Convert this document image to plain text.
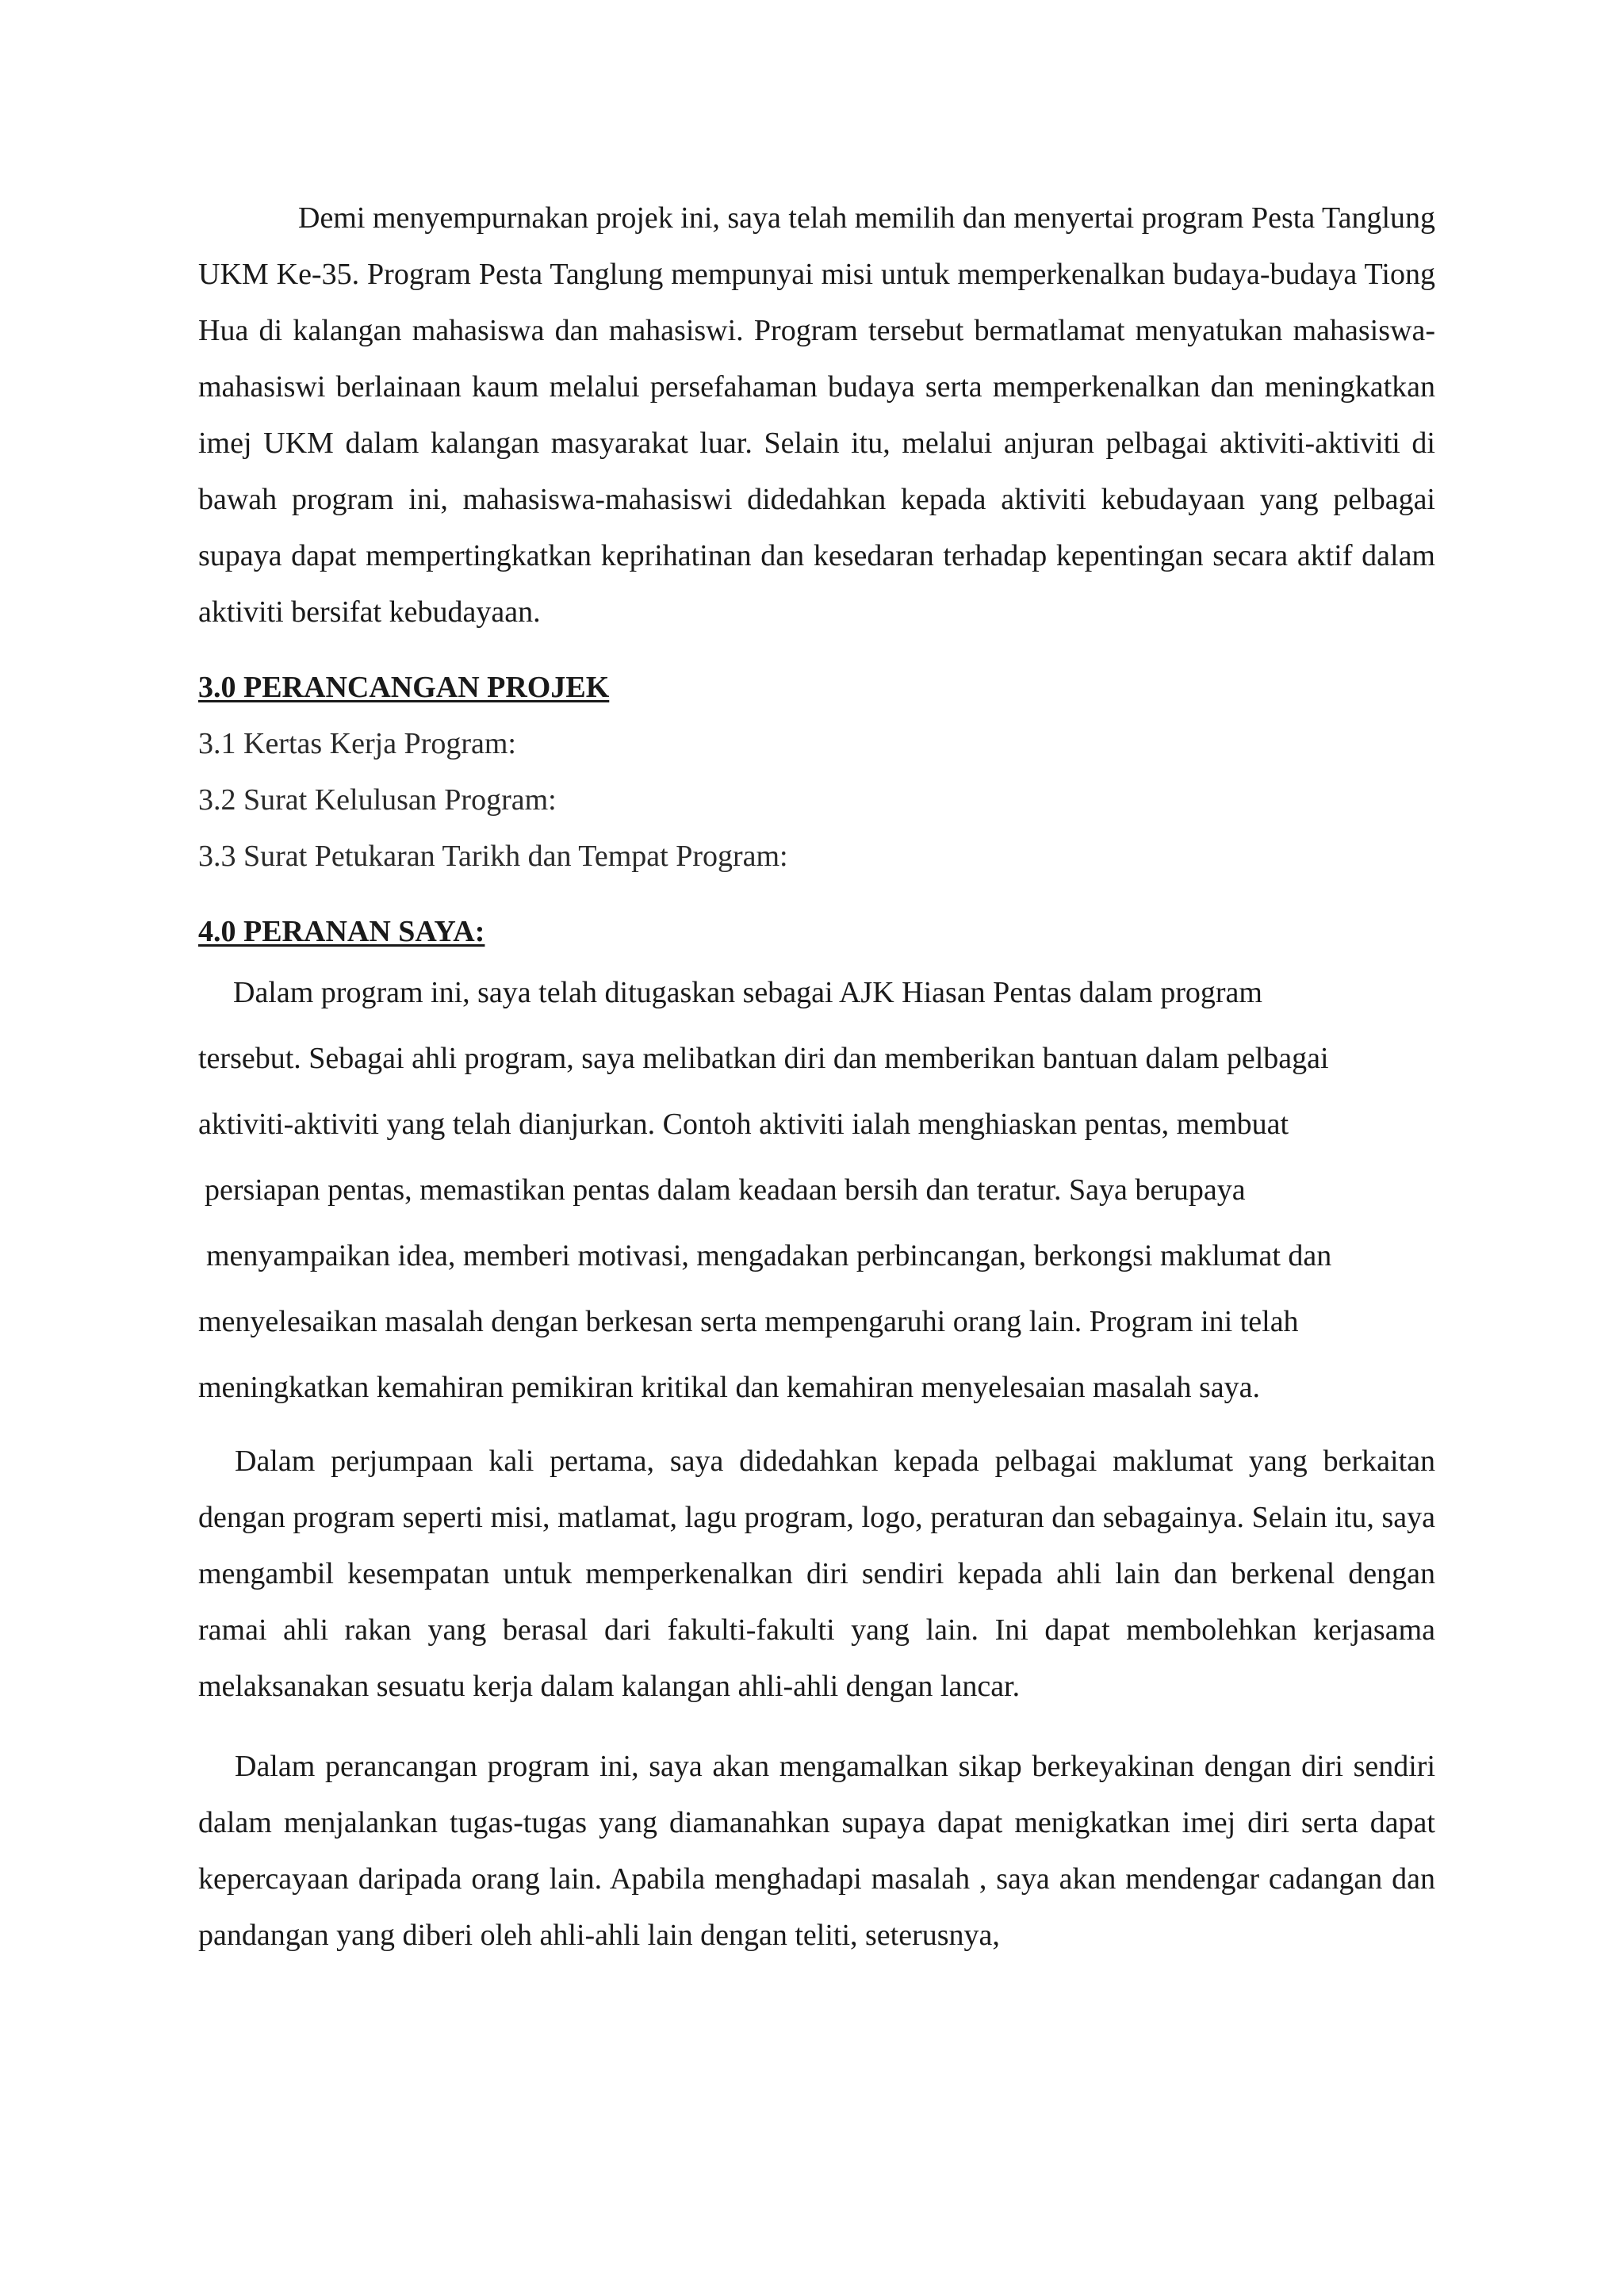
Demi menyempurnakan projek ini, saya telah memilih dan menyertai program Pesta Tanglung UKM Ke-35. Program Pesta Tanglung mempunyai misi untuk memperkenalkan budaya-budaya Tiong Hua di kalangan mahasiswa dan mahasiswi. Program tersebut bermatlamat menyatukan mahasiswa-mahasiswi berlainaan kaum melalui persefahaman budaya serta memperkenalkan dan meningkatkan imej UKM dalam kalangan masyarakat luar. Selain itu, melalui anjuran pelbagai aktiviti-aktiviti di bawah program ini, mahasiswa-mahasiswi didedahkan kepada aktiviti kebudayaan yang pelbagai supaya dapat mempertingkatkan keprihatinan dan kesedaran terhadap kepentingan secara aktif dalam aktiviti bersifat kebudayaan.

3.0 PERANCANGAN PROJEK

3.1 Kertas Kerja Program:

3.2 Surat Kelulusan Program:

3.3 Surat Petukaran Tarikh dan Tempat Program:

4.0 PERANAN SAYA:

Dalam program ini, saya telah ditugaskan sebagai AJK Hiasan Pentas dalam program
tersebut. Sebagai ahli program, saya melibatkan diri dan memberikan bantuan dalam pelbagai
aktiviti-aktiviti yang telah dianjurkan. Contoh aktiviti ialah menghiaskan pentas, membuat
persiapan pentas, memastikan pentas dalam keadaan bersih dan teratur. Saya berupaya
menyampaikan idea, memberi motivasi, mengadakan perbincangan, berkongsi maklumat dan
menyelesaikan masalah dengan berkesan serta mempengaruhi orang lain. Program ini telah
meningkatkan kemahiran pemikiran kritikal dan kemahiran menyelesaian masalah saya.

Dalam perjumpaan kali pertama, saya didedahkan kepada pelbagai maklumat yang berkaitan dengan program seperti misi, matlamat, lagu program, logo, peraturan dan sebagainya. Selain itu, saya mengambil kesempatan untuk memperkenalkan diri sendiri kepada ahli lain dan berkenal dengan ramai ahli rakan yang berasal dari fakulti-fakulti yang lain. Ini dapat membolehkan kerjasama melaksanakan sesuatu kerja dalam kalangan ahli-ahli dengan lancar.

Dalam perancangan program ini, saya akan mengamalkan sikap berkeyakinan dengan diri sendiri dalam menjalankan tugas-tugas yang diamanahkan supaya dapat menigkatkan imej diri serta dapat kepercayaan daripada orang lain. Apabila menghadapi masalah , saya akan mendengar cadangan dan pandangan yang diberi oleh ahli-ahli lain dengan teliti, seterusnya,
